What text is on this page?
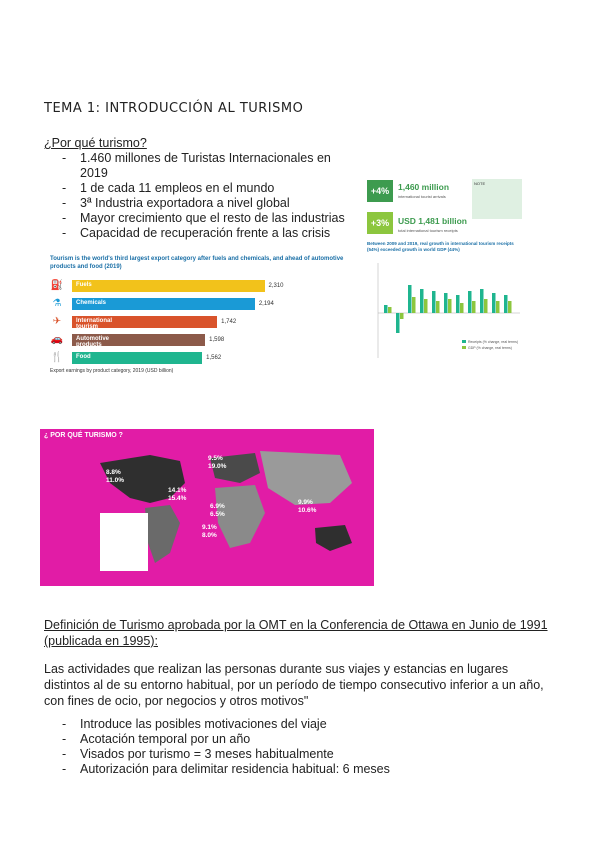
TEMA 1: INTRODUCCIÓN AL TURISMO
¿Por qué turismo?
- 1.460 millones de Turistas Internacionales en 2019
- 1 de cada 11 empleos en el mundo
- 3ª Industria exportadora a nivel global
- Mayor crecimiento que el resto de las industrias
- Capacidad de recuperación frente a las crisis
Tourism is the world's third largest export category after fuels and chemicals, and ahead of automotive products and food (2019)
⛽ Fuels	2,310
⚗	Chemicals	2,194
✈	International tourism
1,742
🚗 Automotive products
1,598
🍴 Food	1,562
Export earnings by product category, 2019 (USD billion)
+4%	1,460 million
international tourist arrivals
+3%	USD 1,481 billion
total international tourism receipts
NOTE
Between 2009 and 2019, real growth in international tourism receipts (54%) exceeded growth in world GDP (44%)
Receipts (% change, real terms)
GDP (% change, real terms)
¿ POR QUÉ TURISMO ?
9.5%
19.0%
8.8%
11.0%
14.1%
15.4%
6.9%
6.5%
9.1%
8.0%
9.9%
10.6%
Definición de Turismo aprobada por la OMT en la Conferencia de Ottawa en Junio de 1991 (publicada en 1995):
Las actividades que realizan las personas durante sus viajes y estancias en lugares distintos al de su entorno habitual, por un período de tiempo consecutivo inferior a un año, con fines de ocio, por negocios y otros motivos"
- Introduce las posibles motivaciones del viaje
- Acotación temporal por un año
- Visados por turismo = 3 meses habitualmente
- Autorización para delimitar residencia habitual: 6 meses
